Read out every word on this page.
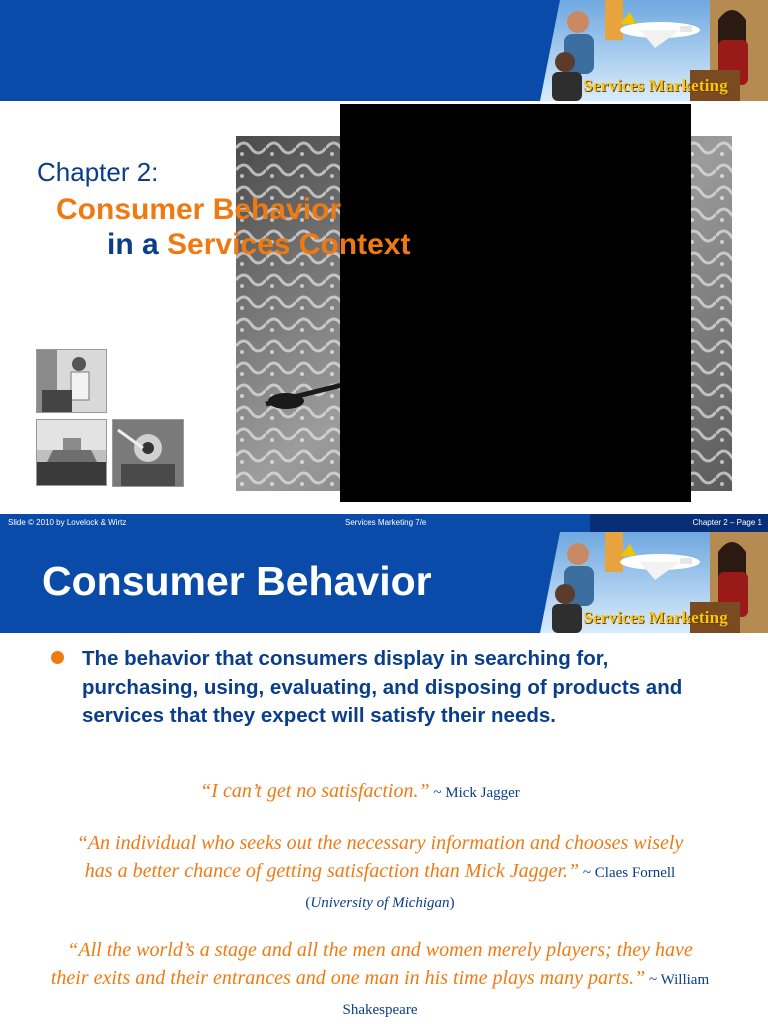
Services Marketing
Chapter 2:
Consumer Behavior
in a Services Context
Slide © 2010 by Lovelock & Wirtz	Services Marketing 7/e	Chapter 2 – Page 1
Services Marketing
Consumer Behavior
The behavior that consumers display in searching for, purchasing, using, evaluating, and disposing of products and services that they expect will satisfy their needs.
“I can’t get no satisfaction.” ~ Mick Jagger
“An individual who seeks out the necessary information and chooses wisely has a better chance of getting satisfaction than Mick Jagger.” ~ Claes Fornell (University of Michigan)
“All the world’s a stage and all the men and women merely players; they have their exits and their entrances and one man in his time plays many parts.” ~ William Shakespeare
